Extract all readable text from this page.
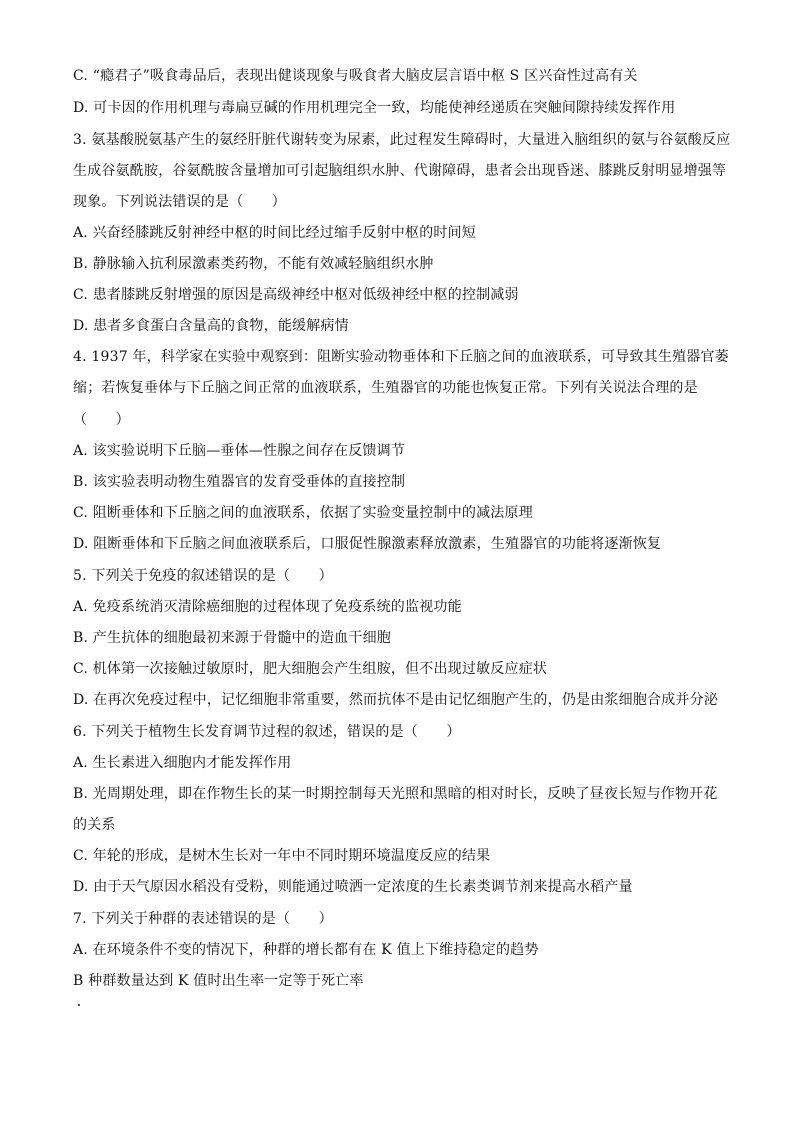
C. “瘾君子”吸食毒品后，表现出健谈现象与吸食者大脑皮层言语中枢 S 区兴奋性过高有关
D. 可卡因的作用机理与毒扁豆碱的作用机理完全一致，均能使神经递质在突触间隙持续发挥作用
3. 氨基酸脱氨基产生的氨经肝脏代谢转变为尿素，此过程发生障碍时，大量进入脑组织的氨与谷氨酸反应
生成谷氨酰胺，谷氨酰胺含量增加可引起脑组织水肿、代谢障碍，患者会出现昏迷、膝跳反射明显增强等
现象。下列说法错误的是（　　）
A. 兴奋经膝跳反射神经中枢的时间比经过缩手反射中枢的时间短
B. 静脉输入抗利尿激素类药物，不能有效减轻脑组织水肿
C. 患者膝跳反射增强的原因是高级神经中枢对低级神经中枢的控制减弱
D. 患者多食蛋白含量高的食物，能缓解病情
4. 1937 年，科学家在实验中观察到：阻断实验动物垂体和下丘脑之间的血液联系，可导致其生殖器官萎
缩；若恢复垂体与下丘脑之间正常的血液联系，生殖器官的功能也恢复正常。下列有关说法合理的是
（　　）
A. 该实验说明下丘脑—垂体—性腺之间存在反馈调节
B. 该实验表明动物生殖器官的发育受垂体的直接控制
C. 阻断垂体和下丘脑之间的血液联系，依据了实验变量控制中的减法原理
D. 阻断垂体和下丘脑之间血液联系后，口服促性腺激素释放激素，生殖器官的功能将逐渐恢复
5. 下列关于免疫的叙述错误的是（　　）
A. 免疫系统消灭清除癌细胞的过程体现了免疫系统的监视功能
B. 产生抗体的细胞最初来源于骨髓中的造血干细胞
C. 机体第一次接触过敏原时，肥大细胞会产生组胺，但不出现过敏反应症状
D. 在再次免疫过程中，记忆细胞非常重要，然而抗体不是由记忆细胞产生的，仍是由浆细胞合成并分泌
6. 下列关于植物生长发育调节过程的叙述，错误的是（　　）
A. 生长素进入细胞内才能发挥作用
B. 光周期处理，即在作物生长的某一时期控制每天光照和黑暗的相对时长，反映了昼夜长短与作物开花
的关系
C. 年轮的形成，是树木生长对一年中不同时期环境温度反应的结果
D. 由于天气原因水稻没有受粉，则能通过喷洒一定浓度的生长素类调节剂来提高水稻产量
7. 下列关于种群的表述错误的是（　　）
A. 在环境条件不变的情况下，种群的增长都有在 K 值上下维持稳定的趋势
B 种群数量达到 K 值时出生率一定等于死亡率
